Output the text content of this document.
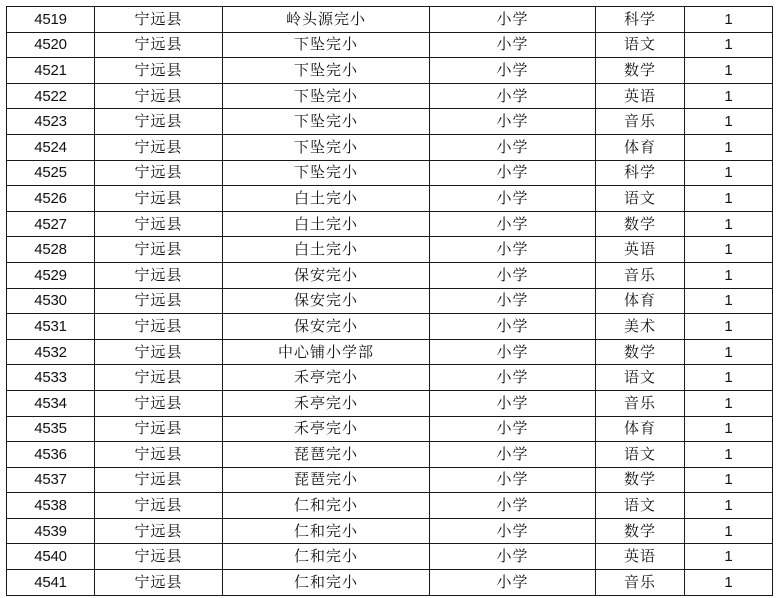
4519	宁远县	岭头源完小	小学	科学	1
4520	宁远县	下坠完小	小学	语文	1
4521	宁远县	下坠完小	小学	数学	1
4522	宁远县	下坠完小	小学	英语	1
4523	宁远县	下坠完小	小学	音乐	1
4524	宁远县	下坠完小	小学	体育	1
4525	宁远县	下坠完小	小学	科学	1
4526	宁远县	白土完小	小学	语文	1
4527	宁远县	白土完小	小学	数学	1
4528	宁远县	白土完小	小学	英语	1
4529	宁远县	保安完小	小学	音乐	1
4530	宁远县	保安完小	小学	体育	1
4531	宁远县	保安完小	小学	美术	1
4532	宁远县	中心铺小学部	小学	数学	1
4533	宁远县	禾亭完小	小学	语文	1
4534	宁远县	禾亭完小	小学	音乐	1
4535	宁远县	禾亭完小	小学	体育	1
4536	宁远县	琵琶完小	小学	语文	1
4537	宁远县	琵琶完小	小学	数学	1
4538	宁远县	仁和完小	小学	语文	1
4539	宁远县	仁和完小	小学	数学	1
4540	宁远县	仁和完小	小学	英语	1
4541	宁远县	仁和完小	小学	音乐	1
